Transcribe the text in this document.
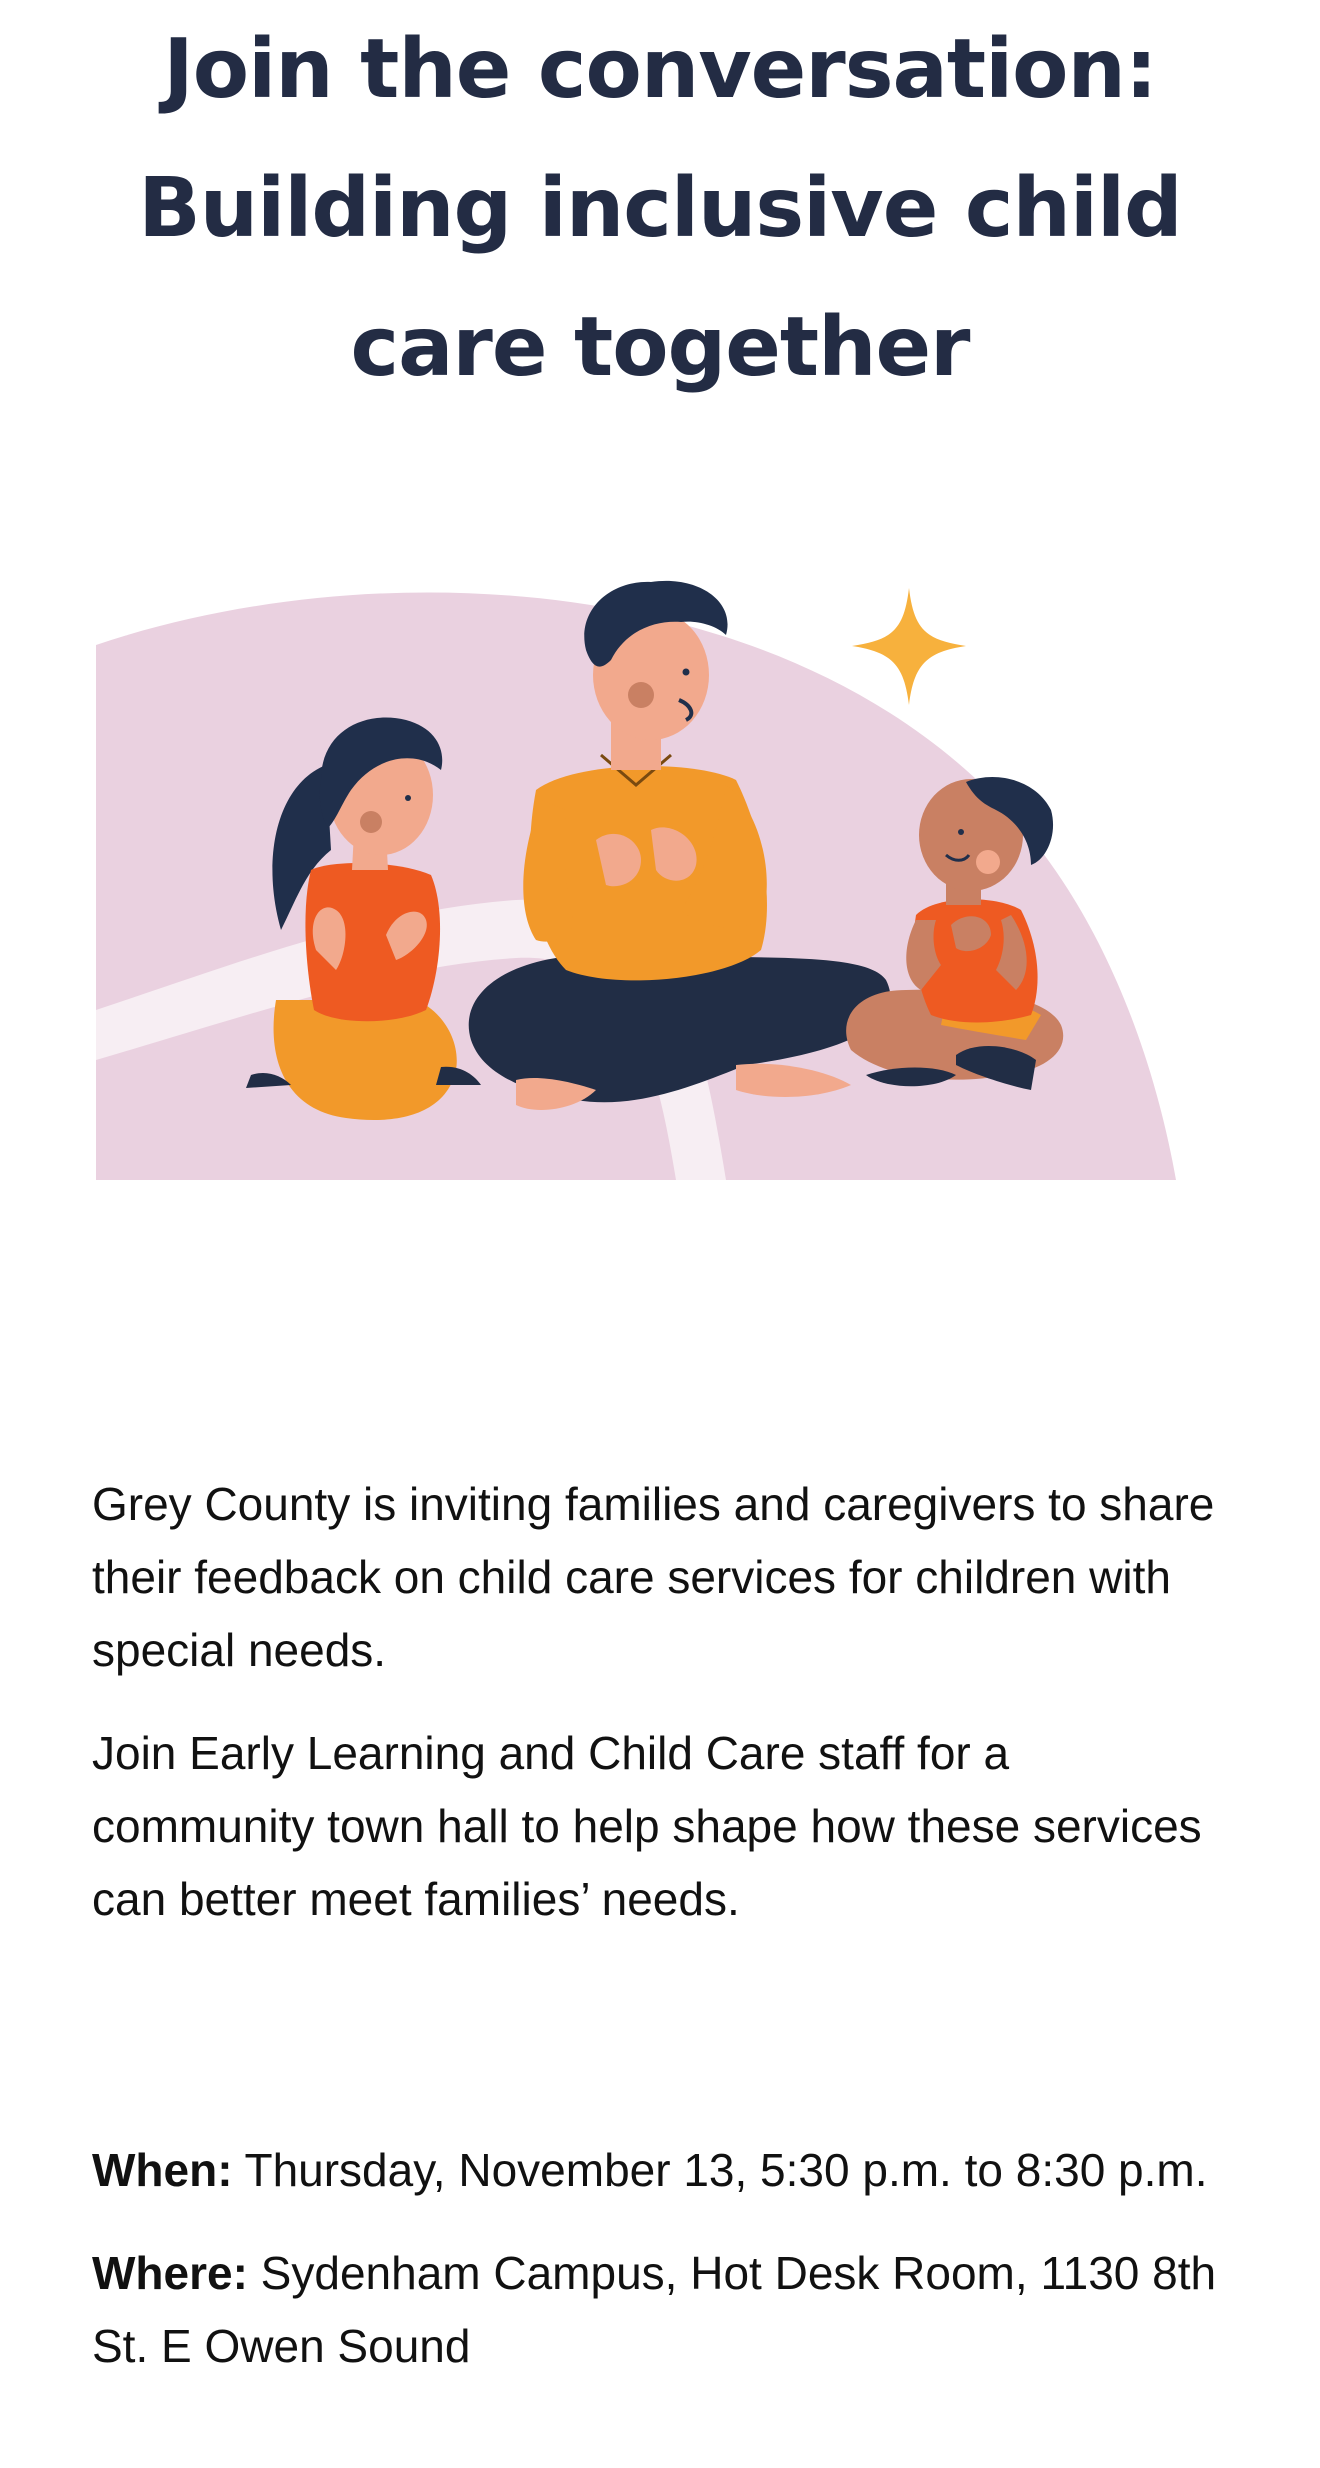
Join the conversation: Building inclusive child care together

Grey County is inviting families and caregivers to share their feedback on child care services for children with special needs.

Join Early Learning and Child Care staff for a community town hall to help shape how these services can better meet families’ needs.

When: Thursday, November 13, 5:30 p.m. to 8:30 p.m.

Where: Sydenham Campus, Hot Desk Room, 1130 8th St. E Owen Sound
